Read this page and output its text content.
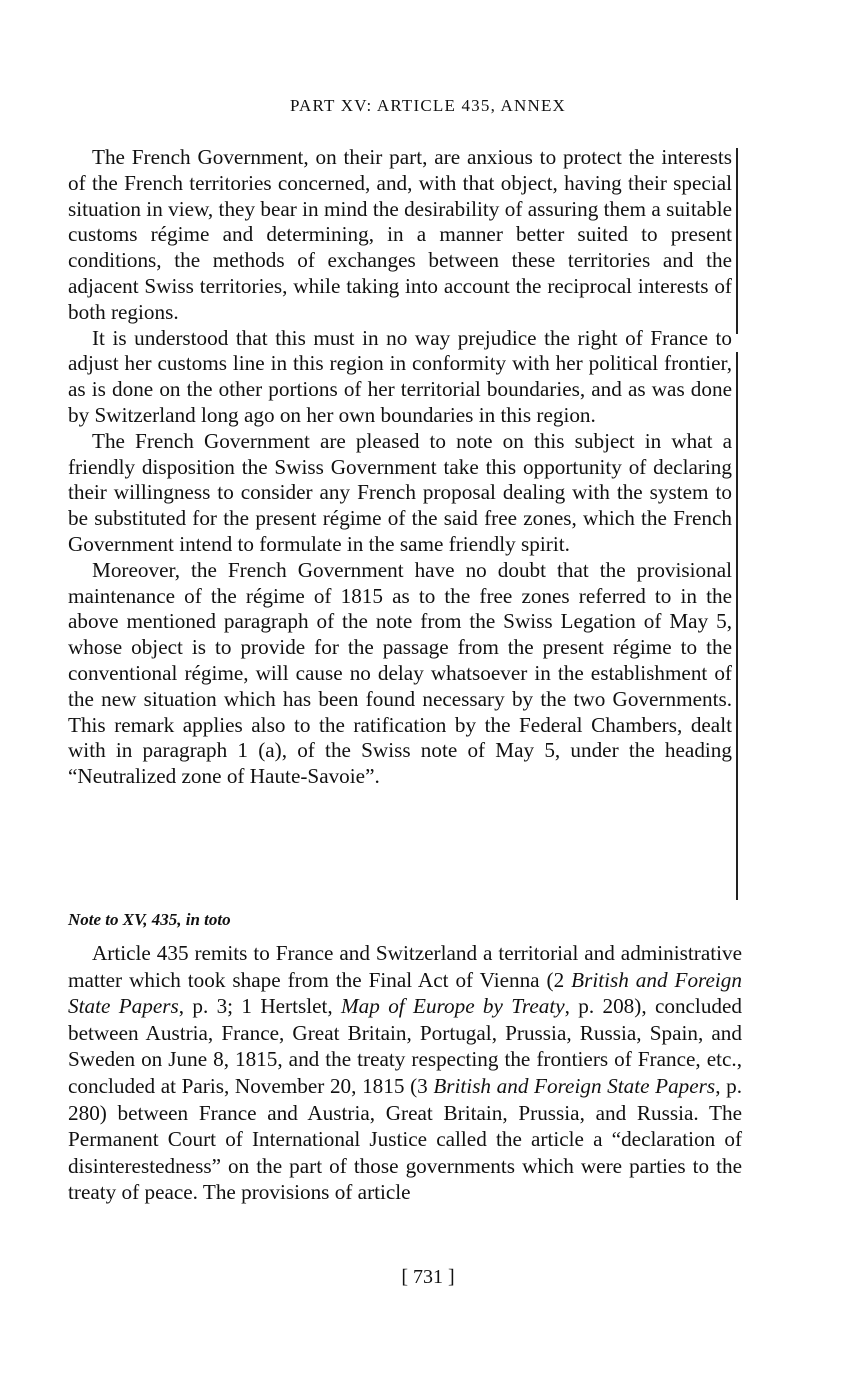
PART XV: ARTICLE 435, ANNEX

The French Government, on their part, are anxious to protect the interests of the French territories concerned, and, with that object, having their special situation in view, they bear in mind the desirability of assuring them a suitable customs régime and determining, in a manner better suited to present conditions, the methods of exchanges between these territories and the adjacent Swiss territories, while taking into account the reciprocal interests of both regions.

It is understood that this must in no way prejudice the right of France to adjust her customs line in this region in conformity with her political frontier, as is done on the other portions of her territorial boundaries, and as was done by Switzerland long ago on her own boundaries in this region.

The French Government are pleased to note on this subject in what a friendly disposition the Swiss Government take this opportunity of declaring their willingness to consider any French proposal dealing with the system to be substituted for the present régime of the said free zones, which the French Government intend to formulate in the same friendly spirit.

Moreover, the French Government have no doubt that the provisional maintenance of the régime of 1815 as to the free zones referred to in the above mentioned paragraph of the note from the Swiss Legation of May 5, whose object is to provide for the passage from the present régime to the conventional régime, will cause no delay whatsoever in the establishment of the new situation which has been found necessary by the two Governments. This remark applies also to the ratification by the Federal Chambers, dealt with in paragraph 1 (a), of the Swiss note of May 5, under the heading “Neutralized zone of Haute-Savoie”.

Note to XV, 435, in toto

Article 435 remits to France and Switzerland a territorial and administrative matter which took shape from the Final Act of Vienna (2 British and Foreign State Papers, p. 3; 1 Hertslet, Map of Europe by Treaty, p. 208), concluded between Austria, France, Great Britain, Portugal, Prussia, Russia, Spain, and Sweden on June 8, 1815, and the treaty respecting the frontiers of France, etc., concluded at Paris, November 20, 1815 (3 British and Foreign State Papers, p. 280) between France and Austria, Great Britain, Prussia, and Russia. The Permanent Court of International Justice called the article a “declaration of disinterestedness” on the part of those governments which were parties to the treaty of peace. The provisions of article

[ 731 ]
